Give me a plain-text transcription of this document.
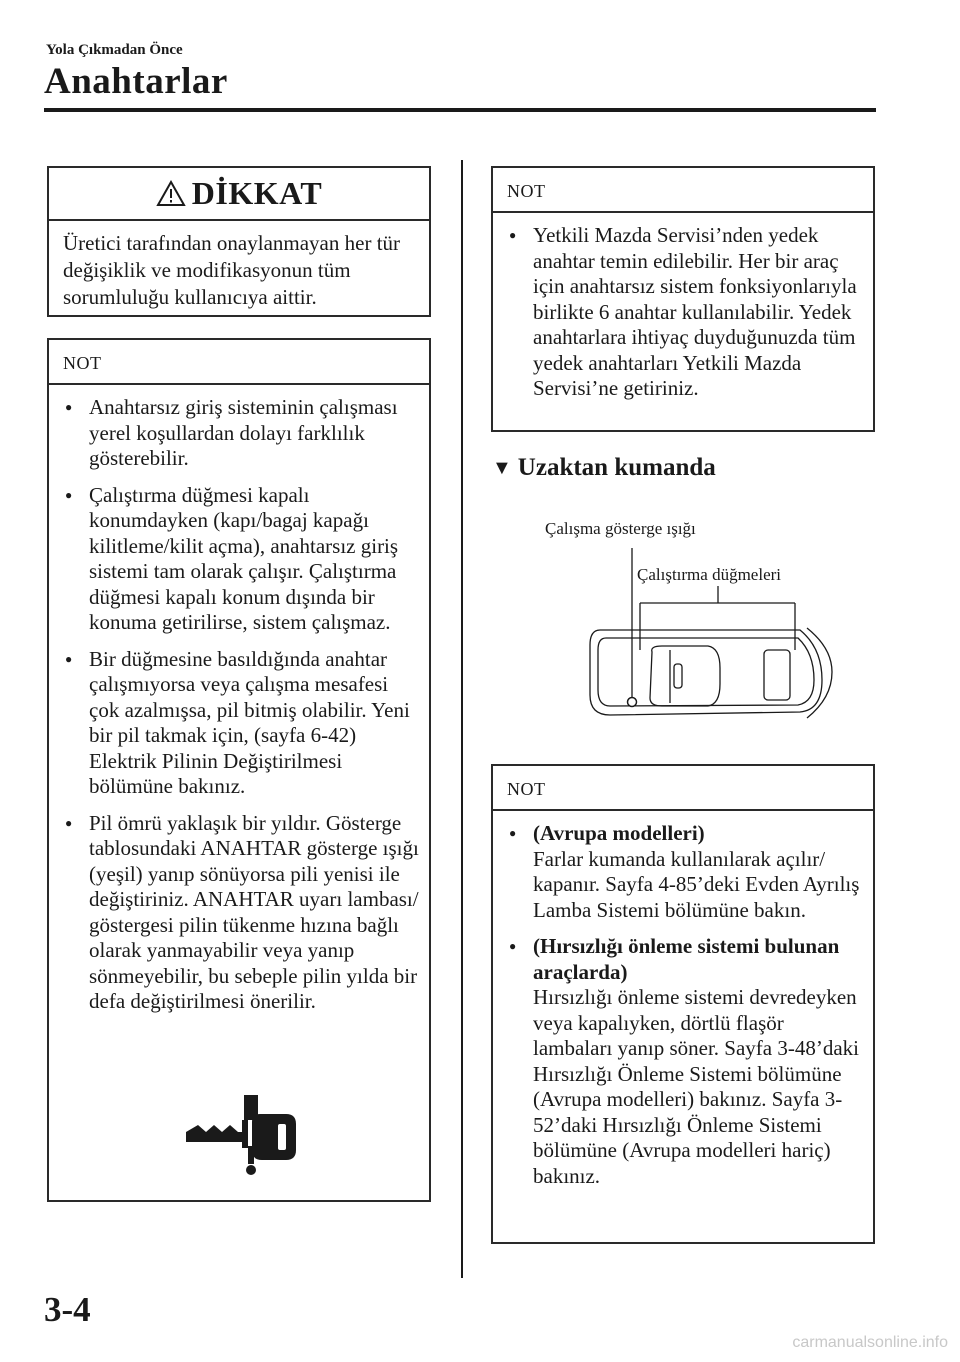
Yola Çıkmadan Önce
Anahtarlar
DİKKAT
Üretici tarafından onaylanmayan her tür değişiklik ve modifikasyonun tüm sorumluluğu kullanıcıya aittir.
NOT
● Anahtarsız giriş sisteminin çalışması yerel koşullardan dolayı farklılık gösterebilir.
● Çalıştırma düğmesi kapalı konumdayken (kapı/bagaj kapağı kilitleme/kilit açma), anahtarsız giriş sistemi tam olarak çalışır. Çalıştırma düğmesi kapalı konum dışında bir konuma getirilirse, sistem çalışmaz.
● Bir düğmesine basıldığında anahtar çalışmıyorsa veya çalışma mesafesi çok azalmışsa, pil bitmiş olabilir. Yeni bir pil takmak için, (sayfa 6-42) Elektrik Pilinin Değiştirilmesi bölümüne bakınız.
● Pil ömrü yaklaşık bir yıldır. Gösterge tablosundaki ANAHTAR gösterge ışığı (yeşil) yanıp sönüyorsa pili yenisi ile değiştiriniz. ANAHTAR uyarı lambası/ göstergesi pilin tükenme hızına bağlı olarak yanmayabilir veya yanıp sönmeyebilir, bu sebeple pilin yılda bir defa değiştirilmesi önerilir.
NOT
● Yetkili Mazda Servisi’nden yedek anahtar temin edilebilir. Her bir araç için anahtarsız sistem fonksiyonlarıyla birlikte 6 anahtar kullanılabilir. Yedek anahtarlara ihtiyaç duyduğunuzda tüm yedek anahtarları Yetkili Mazda Servisi’ne getiriniz.
▼ Uzaktan kumanda
Çalışma gösterge ışığı
Çalıştırma düğmeleri
NOT
● (Avrupa modelleri)
Farlar kumanda kullanılarak açılır/ kapanır. Sayfa 4-85’deki Evden Ayrılış Lamba Sistemi bölümüne bakın.
● (Hırsızlığı önleme sistemi bulunan araçlarda)
Hırsızlığı önleme sistemi devredeyken veya kapalıyken, dörtlü flaşör lambaları yanıp söner. Sayfa 3-48’daki Hırsızlığı Önleme Sistemi bölümüne (Avrupa modelleri) bakınız. Sayfa 3-52’daki Hırsızlığı Önleme Sistemi bölümüne (Avrupa modelleri hariç) bakınız.
3-4
carmanualsonline.info
